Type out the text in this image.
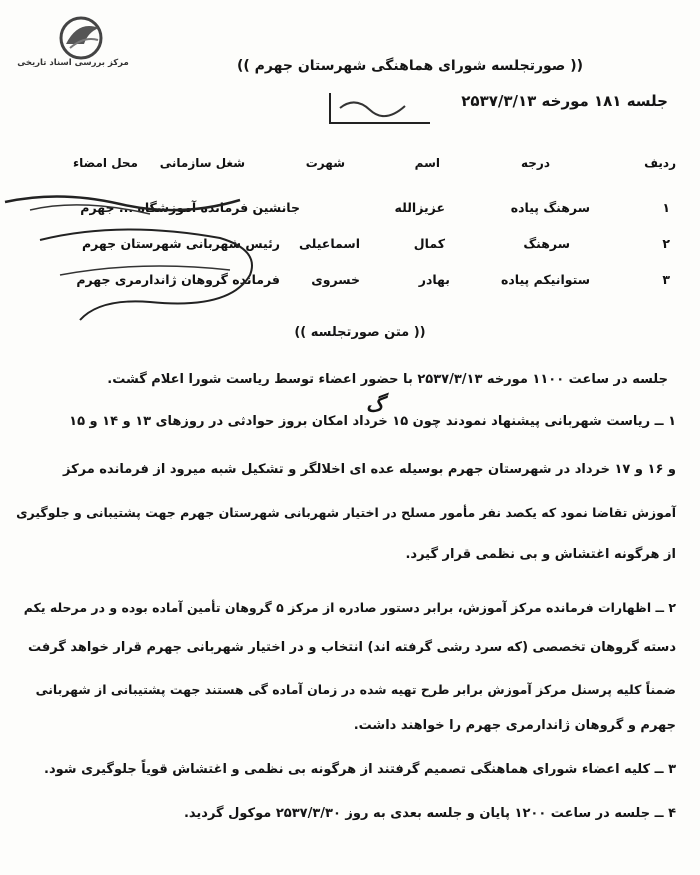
مرکز بررسی اسناد تاریخی	(( صورتجلسه شورای هماهنگی شهرستان جهرم ))
جلسه ۱۸۱ مورخه ۲۵۳۷/۳/۱۳
ردیف
درجه
اسم
شهرت
شغل سازمانی
محل امضاء
۱
سرهنگ پیاده
عزیزالله
جانشین فرمانده آموزشگاه ... جهرم
۲
سرهنگ
کمال
اسماعیلی
رئیس شهربانی شهرستان جهرم
۳
ستوانیکم پیاده
بهادر
خسروی
فرمانده گروهان ژاندارمری جهرم
(( متن صورتجلسه ))
جلسه در ساعت ۱۱۰۰ مورخه ۲۵۳۷/۳/۱۳ با حضور اعضاء توسط ریاست شورا اعلام گشت.
۱ ــ ریاست شهربانی پیشنهاد نمودند چون ۱۵ خرداد امکان بروز حوادثی در روزهای ۱۳ و ۱۴ و ۱۵
گ
و ۱۶ و ۱۷ خرداد در شهرستان جهرم بوسیله عده ای اخلالگر و تشکیل شبه میرود از فرمانده مرکز
آموزش تقاضا نمود که یکصد نفر مأمور مسلح در اختیار شهربانی شهرستان جهرم جهت پشتیبانی و جلوگیری
از هرگونه اغتشاش و بی نظمی قرار گیرد.
۲ ــ اظهارات فرمانده مرکز آموزش، برابر دستور صادره از مرکز ۵ گروهان تأمین آماده بوده و در مرحله یکم
دسته گروهان تخصصی (که سرد رشی گرفته اند) انتخاب و در اختیار شهربانی جهرم قرار خواهد گرفت
ضمناً کلیه پرسنل مرکز آموزش برابر طرح تهیه شده در زمان آماده گی هستند جهت پشتیبانی از شهربانی
جهرم و گروهان ژاندارمری جهرم را خواهند داشت.
۳ ــ کلیه اعضاء شورای هماهنگی تصمیم گرفتند از هرگونه بی نظمی و اغتشاش قویاً جلوگیری شود.
۴ ــ جلسه در ساعت ۱۲۰۰ پایان و جلسه بعدی به روز ۲۵۳۷/۳/۳۰ موکول گردید.
